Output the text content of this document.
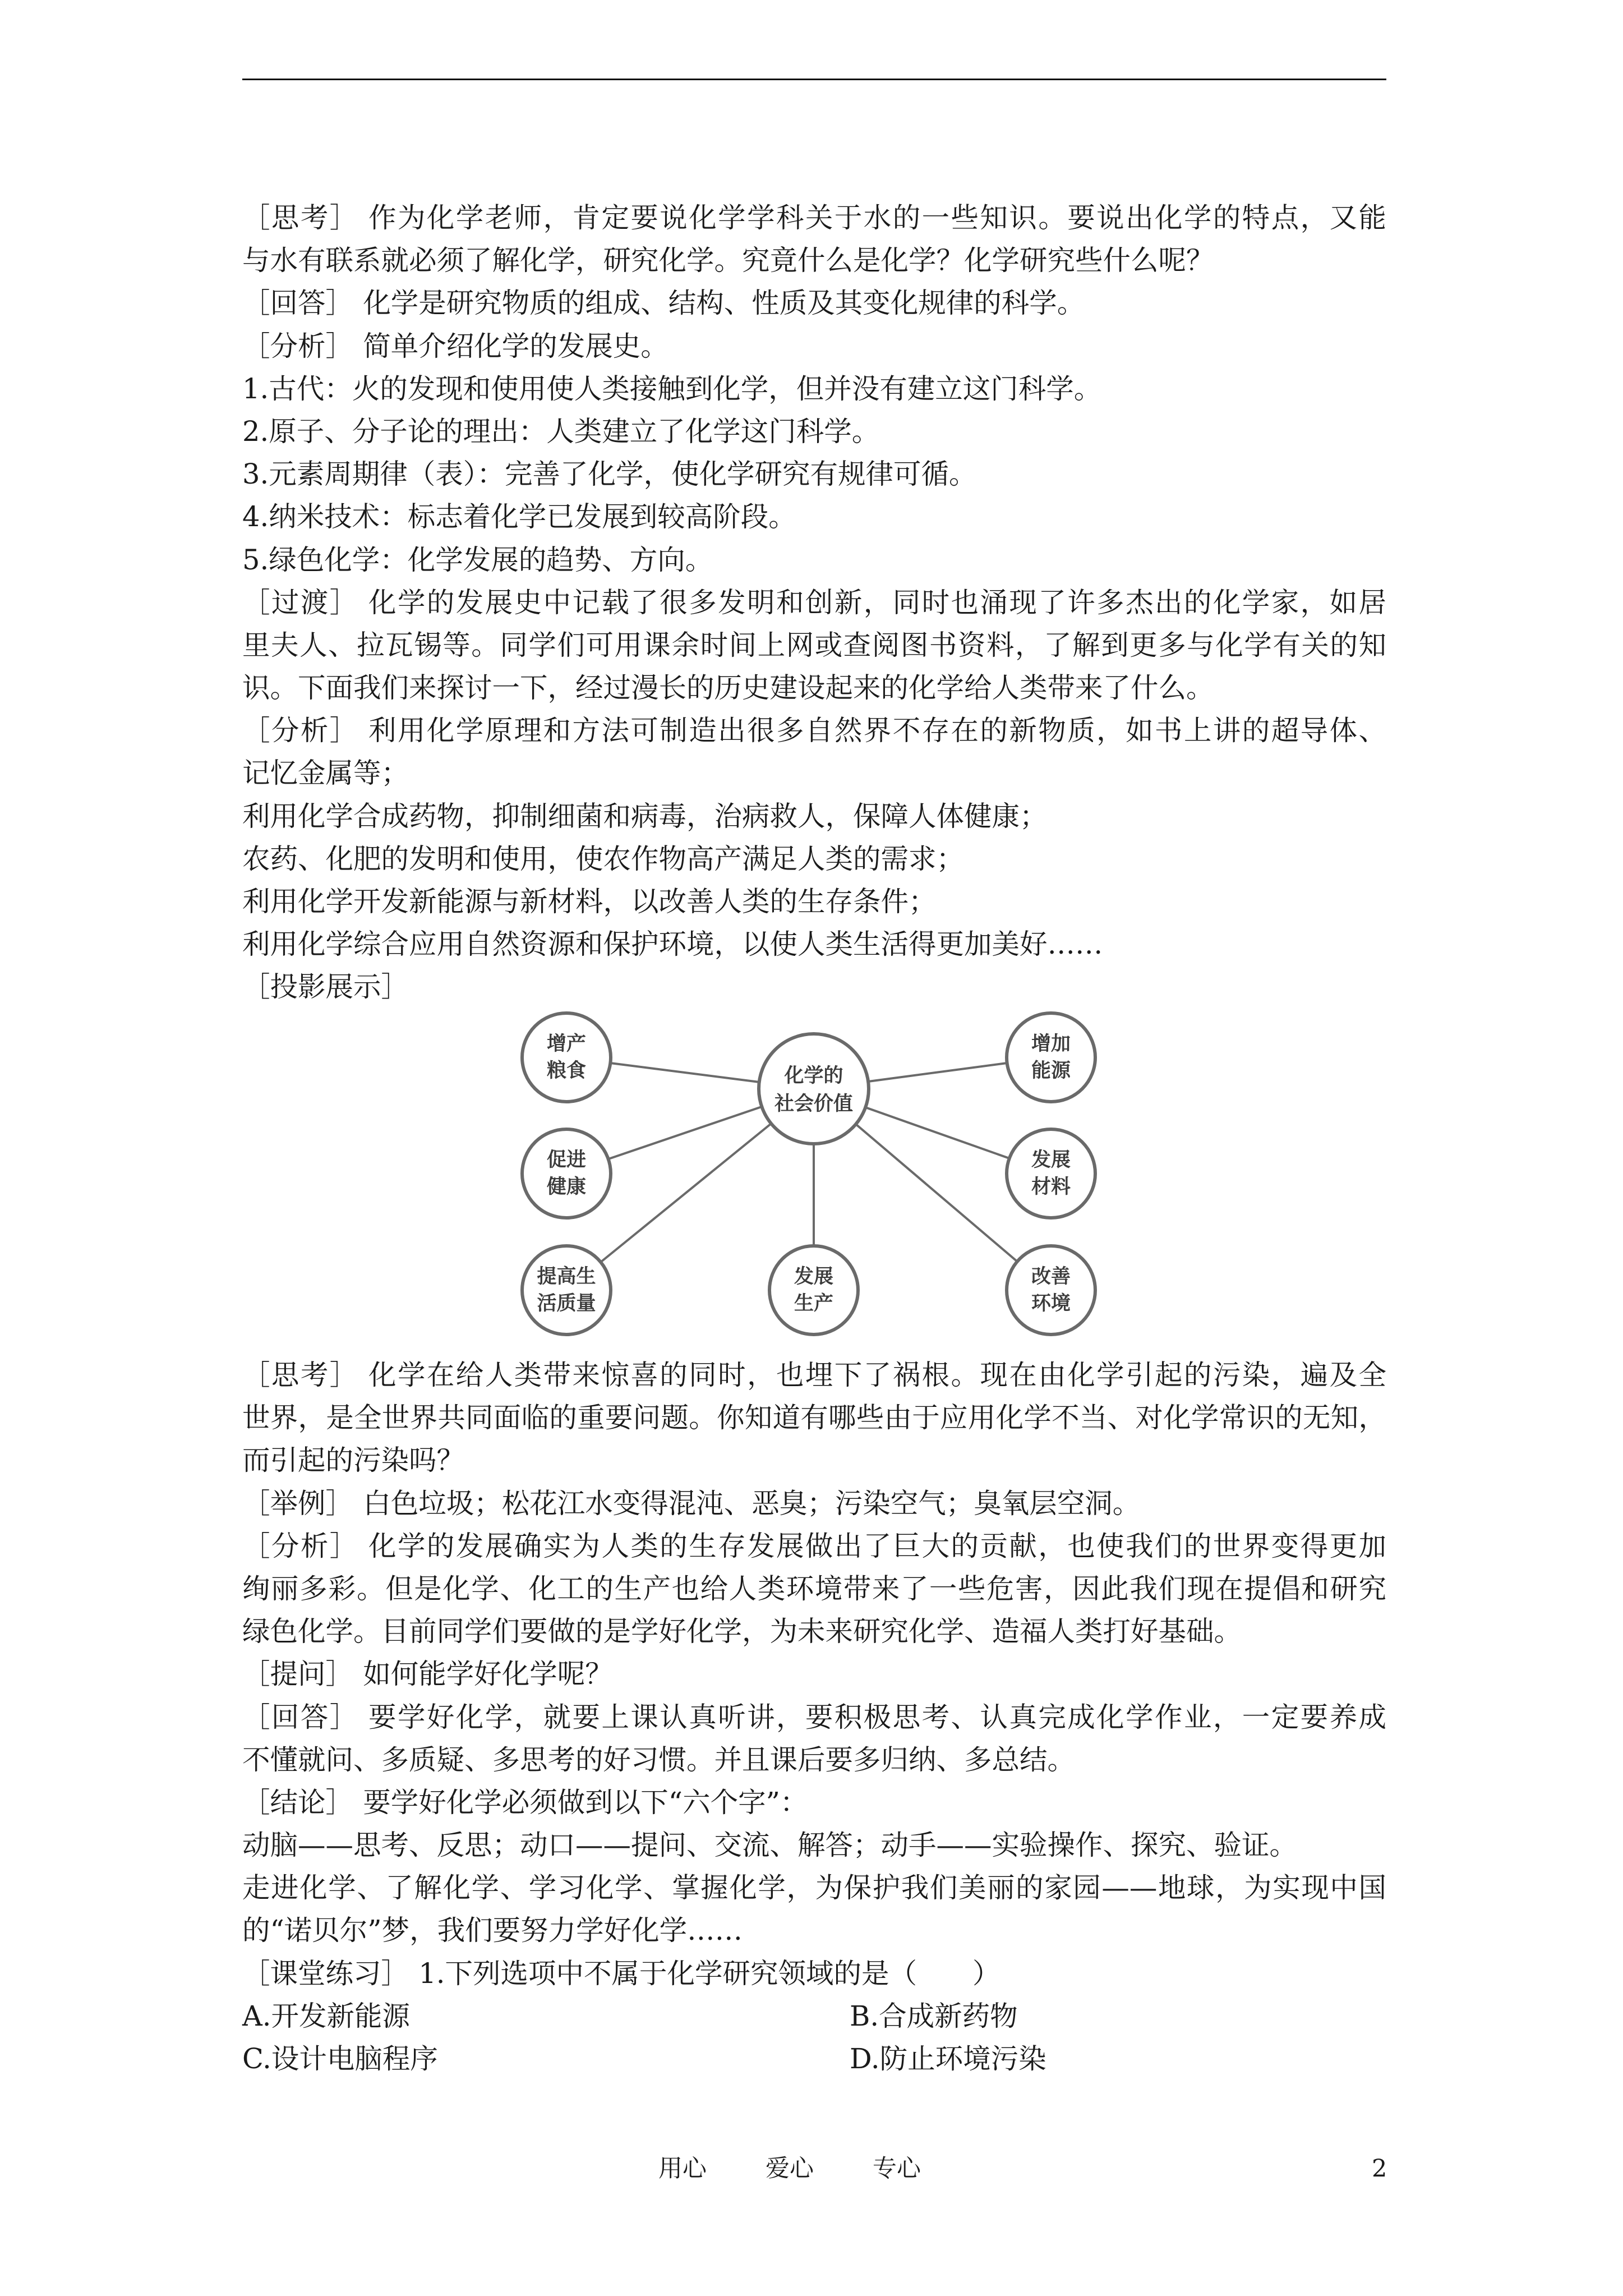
［思考］ 作为化学老师，肯定要说化学学科关于水的一些知识。要说出化学的特点，又能
与水有联系就必须了解化学，研究化学。究竟什么是化学？化学研究些什么呢？
［回答］ 化学是研究物质的组成、结构、性质及其变化规律的科学。
［分析］ 简单介绍化学的发展史。
1.古代：火的发现和使用使人类接触到化学，但并没有建立这门科学。
2.原子、分子论的理出：人类建立了化学这门科学。
3.元素周期律（表）：完善了化学，使化学研究有规律可循。
4.纳米技术：标志着化学已发展到较高阶段。
5.绿色化学：化学发展的趋势、方向。
［过渡］ 化学的发展史中记载了很多发明和创新，同时也涌现了许多杰出的化学家，如居
里夫人、拉瓦锡等。同学们可用课余时间上网或查阅图书资料，了解到更多与化学有关的知
识。下面我们来探讨一下，经过漫长的历史建设起来的化学给人类带来了什么。
［分析］ 利用化学原理和方法可制造出很多自然界不存在的新物质，如书上讲的超导体、
记忆金属等；
利用化学合成药物，抑制细菌和病毒，治病救人，保障人体健康；
农药、化肥的发明和使用，使农作物高产满足人类的需求；
利用化学开发新能源与新材料，以改善人类的生存条件；
利用化学综合应用自然资源和保护环境，以使人类生活得更加美好……
［投影展示］
化学的
社会价值
增产
粮食
增加
能源
促进
健康
发展
材料
提高生
活质量
发展
生产
改善
环境
［思考］ 化学在给人类带来惊喜的同时，也埋下了祸根。现在由化学引起的污染，遍及全
世界，是全世界共同面临的重要问题。你知道有哪些由于应用化学不当、对化学常识的无知，
而引起的污染吗？
［举例］ 白色垃圾；松花江水变得混沌、恶臭；污染空气；臭氧层空洞。
［分析］ 化学的发展确实为人类的生存发展做出了巨大的贡献，也使我们的世界变得更加
绚丽多彩。但是化学、化工的生产也给人类环境带来了一些危害，因此我们现在提倡和研究
绿色化学。目前同学们要做的是学好化学，为未来研究化学、造福人类打好基础。
［提问］ 如何能学好化学呢？
［回答］ 要学好化学，就要上课认真听讲，要积极思考、认真完成化学作业，一定要养成
不懂就问、多质疑、多思考的好习惯。并且课后要多归纳、多总结。
［结论］ 要学好化学必须做到以下“六个字”：
动脑——思考、反思；动口——提问、交流、解答；动手——实验操作、探究、验证。
走进化学、了解化学、学习化学、掌握化学，为保护我们美丽的家园——地球，为实现中国
的“诺贝尔”梦，我们要努力学好化学……
［课堂练习］ 1.下列选项中不属于化学研究领域的是（　　）
A.开发新能源	B.合成新药物
C.设计电脑程序	D.防止环境污染
用心 爱心 专心	2
